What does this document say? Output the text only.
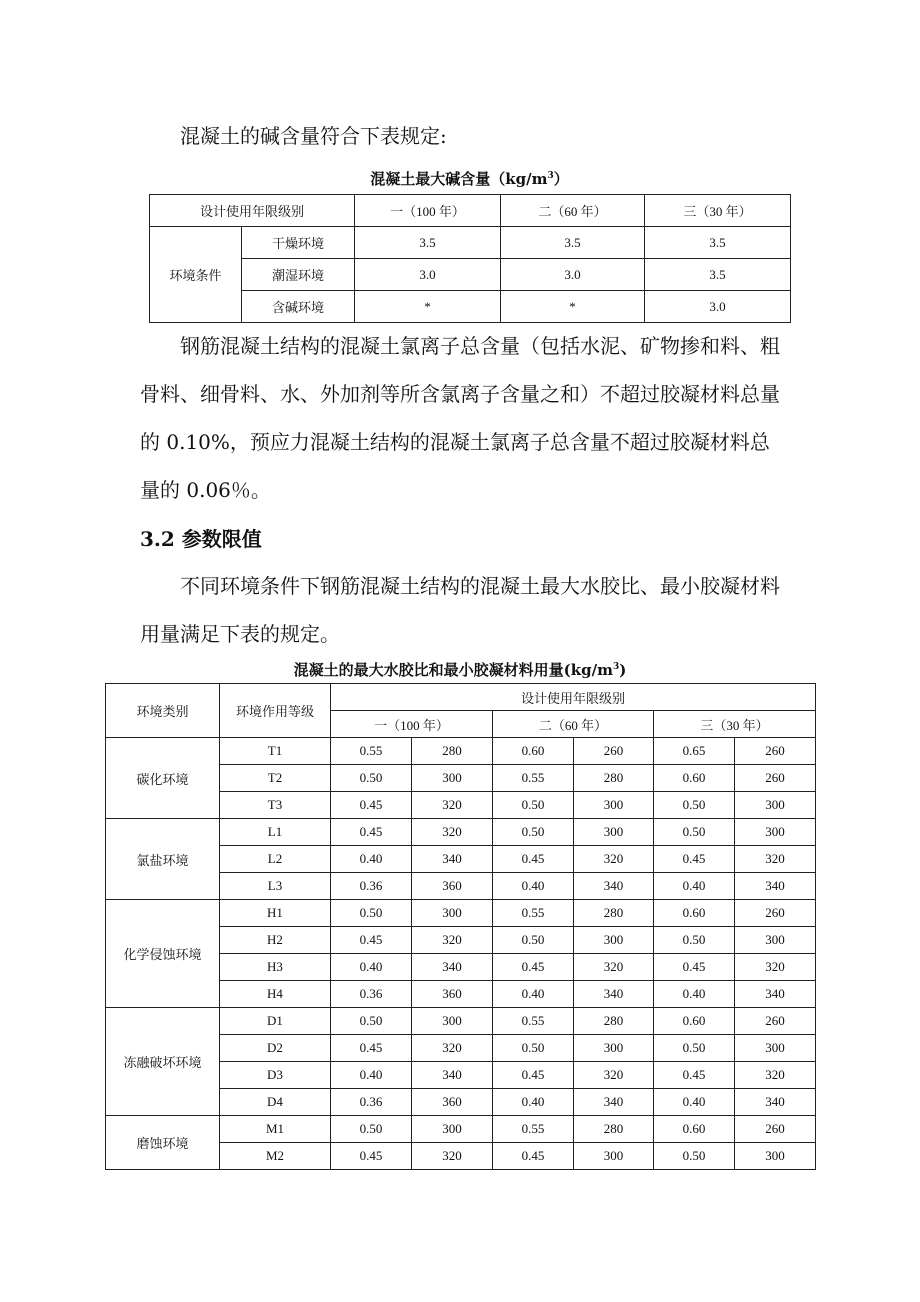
混凝土的碱含量符合下表规定:

混凝土最大碱含量$(kg/m^3)$
设计使用年限级别		一（100 年）	二（60 年）	三（30 年）
环境条件	干燥环境	3.5	3.5	3.5
	潮湿环境	3.0	3.0	3.5
	含碱环境	*	*	3.0

钢筋混凝土结构的混凝土氯离子总含量（包括水泥、矿物掺和料、粗骨料、细骨料、水、外加剂等所含氯离子含量之和）不超过胶凝材料总量的 0.10%，预应力混凝土结构的混凝土氯离子总含量不超过胶凝材料总量的 0.06％。

3.2 参数限值

不同环境条件下钢筋混凝土结构的混凝土最大水胶比、最小胶凝材料用量满足下表的规定。

混凝土的最大水胶比和最小胶凝材料用量$(kg/m^3)$
环境类别	环境作用等级	设计使用年限级别					
		一（100 年）		二（60 年）		三（30 年）	
碳化环境	T1	0.55	280	0.60	260	0.65	260
	T2	0.50	300	0.55	280	0.60	260
	T3	0.45	320	0.50	300	0.50	300
氯盐环境	L1	0.45	320	0.50	300	0.50	300
	L2	0.40	340	0.45	320	0.45	320
	L3	0.36	360	0.40	340	0.40	340
化学侵蚀环境	H1	0.50	300	0.55	280	0.60	260
	H2	0.45	320	0.50	300	0.50	300
	H3	0.40	340	0.45	320	0.45	320
	H4	0.36	360	0.40	340	0.40	340
冻融破坏环境	D1	0.50	300	0.55	280	0.60	260
	D2	0.45	320	0.50	300	0.50	300
	D3	0.40	340	0.45	320	0.45	320
	D4	0.36	360	0.40	340	0.40	340
磨蚀环境	M1	0.50	300	0.55	280	0.60	260
	M2	0.45	320	0.45	300	0.50	300
